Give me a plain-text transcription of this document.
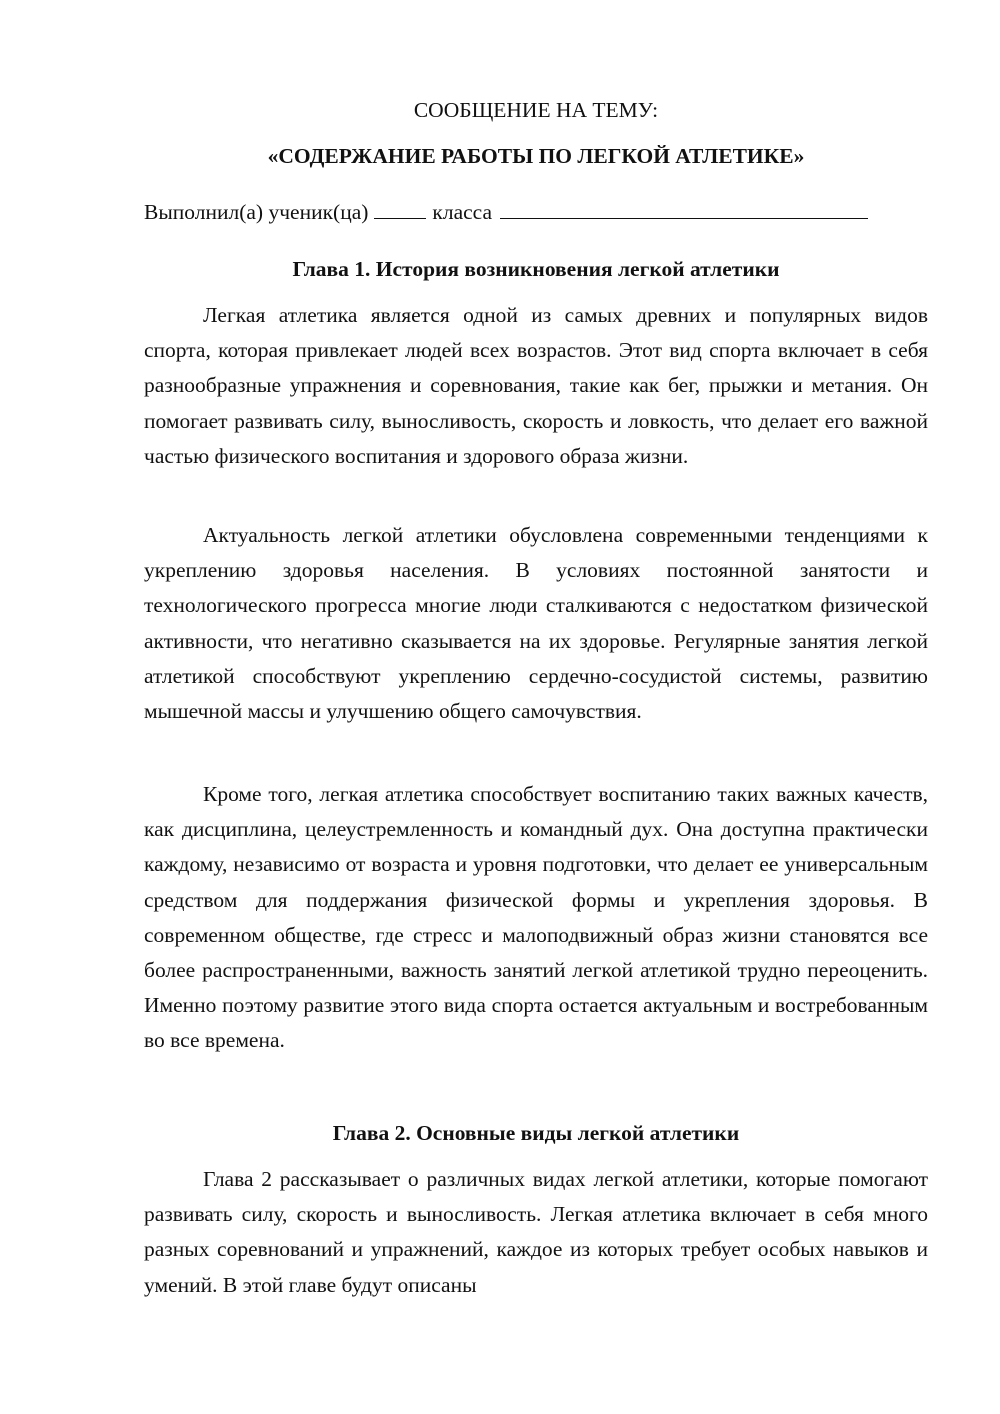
СООБЩЕНИЕ НА ТЕМУ:
«СОДЕРЖАНИЕ РАБОТЫ ПО ЛЕГКОЙ АТЛЕТИКЕ»
Выполнил(а) ученик(ца)	класса
Глава 1. История возникновения легкой атлетики

Легкая атлетика является одной из самых древних и популярных видов спорта, которая привлекает людей всех возрастов. Этот вид спорта включает в себя разнообразные упражнения и соревнования, такие как бег, прыжки и метания. Он помогает развивать силу, выносливость, скорость и ловкость, что делает его важной частью физического воспитания и здорового образа жизни.

Актуальность легкой атлетики обусловлена современными тенденциями к укреплению здоровья населения. В условиях постоянной занятости и технологического прогресса многие люди сталкиваются с недостатком физической активности, что негативно сказывается на их здоровье. Регулярные занятия легкой атлетикой способствуют укреплению сердечно-сосудистой системы, развитию мышечной массы и улучшению общего самочувствия.

Кроме того, легкая атлетика способствует воспитанию таких важных качеств, как дисциплина, целеустремленность и командный дух. Она доступна практически каждому, независимо от возраста и уровня подготовки, что делает ее универсальным средством для поддержания физической формы и укрепления здоровья. В современном обществе, где стресс и малоподвижный образ жизни становятся все более распространенными, важность занятий легкой атлетикой трудно переоценить. Именно поэтому развитие этого вида спорта остается актуальным и востребованным во все времена.

Глава 2. Основные виды легкой атлетики

Глава 2 рассказывает о различных видах легкой атлетики, которые помогают развивать силу, скорость и выносливость. Легкая атлетика включает в себя много разных соревнований и упражнений, каждое из которых требует особых навыков и умений. В этой главе будут описаны
